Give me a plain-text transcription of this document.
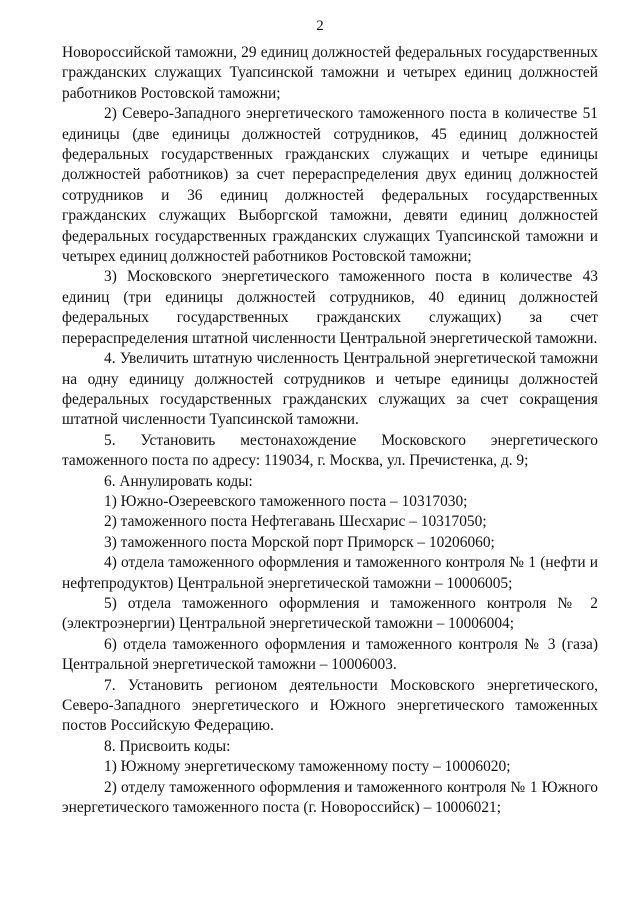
2

Новороссийской таможни, 29 единиц должностей федеральных государственных гражданских служащих Туапсинской таможни и четырех единиц должностей работников Ростовской таможни;

2) Северо-Западного энергетического таможенного поста в количестве 51 единицы (две единицы должностей сотрудников, 45 единиц должностей федеральных государственных гражданских служащих и четыре единицы должностей работников) за счет перераспределения двух единиц должностей сотрудников и 36 единиц должностей федеральных государственных гражданских служащих Выборгской таможни, девяти единиц должностей федеральных государственных гражданских служащих Туапсинской таможни и четырех единиц должностей работников Ростовской таможни;

3) Московского энергетического таможенного поста в количестве 43 единиц (три единицы должностей сотрудников, 40 единиц должностей федеральных государственных гражданских служащих) за счет перераспределения штатной численности Центральной энергетической таможни.

4. Увеличить штатную численность Центральной энергетической таможни на одну единицу должностей сотрудников и четыре единицы должностей федеральных государственных гражданских служащих за счет сокращения штатной численности Туапсинской таможни.

5. Установить местонахождение Московского энергетического таможенного поста по адресу: 119034, г. Москва, ул. Пречистенка, д. 9;

6. Аннулировать коды:

1) Южно-Озереевского таможенного поста – 10317030;

2) таможенного поста Нефтегавань Шесхарис – 10317050;

3) таможенного поста Морской порт Приморск – 10206060;

4) отдела таможенного оформления и таможенного контроля № 1 (нефти и нефтепродуктов) Центральной энергетической таможни – 10006005;

5) отдела таможенного оформления и таможенного контроля № 2 (электроэнергии) Центральной энергетической таможни – 10006004;

6) отдела таможенного оформления и таможенного контроля № 3 (газа) Центральной энергетической таможни – 10006003.

7. Установить регионом деятельности Московского энергетического, Северо-Западного энергетического и Южного энергетического таможенных постов Российскую Федерацию.

8. Присвоить коды:

1) Южному энергетическому таможенному посту – 10006020;

2) отделу таможенного оформления и таможенного контроля № 1 Южного энергетического таможенного поста (г. Новороссийск) – 10006021;
